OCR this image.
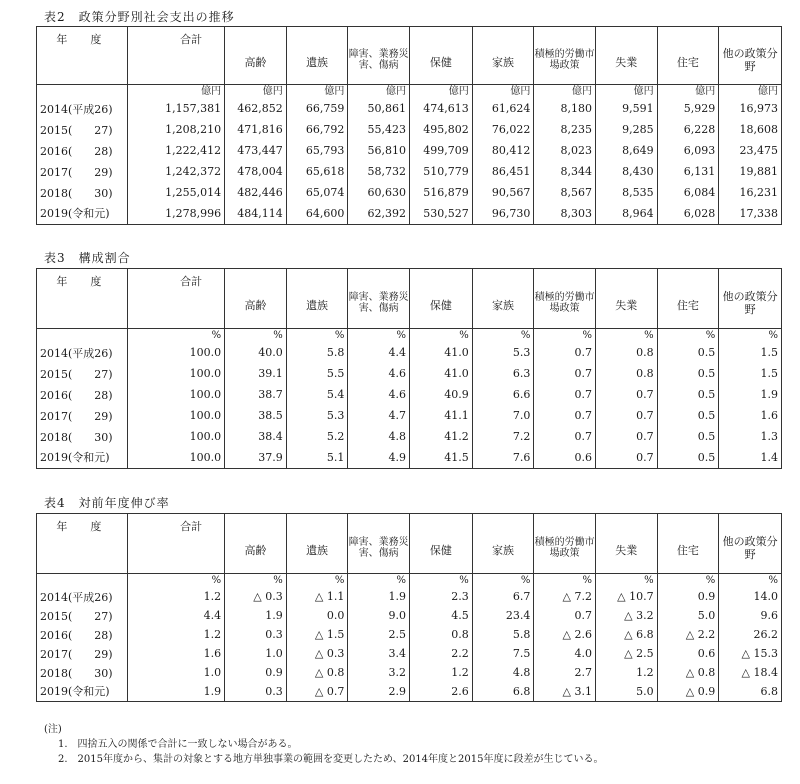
表2　政策分野別社会支出の推移
年　度	合計	高齢	遺族	障害、業務災害、傷病	保健	家族	積極的労働市場政策	失業	住宅	他の政策分野
	億円	億円	億円	億円	億円	億円	億円	億円	億円	億円
2014(平成26)	1,157,381	462,852	66,759	50,861	474,613	61,624	8,180	9,591	5,929	16,973
2015(　　27)	1,208,210	471,816	66,792	55,423	495,802	76,022	8,235	9,285	6,228	18,608
2016(　　28)	1,222,412	473,447	65,793	56,810	499,709	80,412	8,023	8,649	6,093	23,475
2017(　　29)	1,242,372	478,004	65,618	58,732	510,779	86,451	8,344	8,430	6,131	19,881
2018(　　30)	1,255,014	482,446	65,074	60,630	516,879	90,567	8,567	8,535	6,084	16,231
2019(令和元)	1,278,996	484,114	64,600	62,392	530,527	96,730	8,303	8,964	6,028	17,338
表3　構成割合
年　度	合計	高齢	遺族	障害、業務災害、傷病	保健	家族	積極的労働市場政策	失業	住宅	他の政策分野
	%	%	%	%	%	%	%	%	%	%
2014(平成26)	100.0	40.0	5.8	4.4	41.0	5.3	0.7	0.8	0.5	1.5
2015(　　27)	100.0	39.1	5.5	4.6	41.0	6.3	0.7	0.8	0.5	1.5
2016(　　28)	100.0	38.7	5.4	4.6	40.9	6.6	0.7	0.7	0.5	1.9
2017(　　29)	100.0	38.5	5.3	4.7	41.1	7.0	0.7	0.7	0.5	1.6
2018(　　30)	100.0	38.4	5.2	4.8	41.2	7.2	0.7	0.7	0.5	1.3
2019(令和元)	100.0	37.9	5.1	4.9	41.5	7.6	0.6	0.7	0.5	1.4
表4　対前年度伸び率
年　度	合計	高齢	遺族	障害、業務災害、傷病	保健	家族	積極的労働市場政策	失業	住宅	他の政策分野
	%	%	%	%	%	%	%	%	%	%
2014(平成26)	1.2	△ 0.3	△ 1.1	1.9	2.3	6.7	△ 7.2	△ 10.7	0.9	14.0
2015(　　27)	4.4	1.9	0.0	9.0	4.5	23.4	0.7	△ 3.2	5.0	9.6
2016(　　28)	1.2	0.3	△ 1.5	2.5	0.8	5.8	△ 2.6	△ 6.8	△ 2.2	26.2
2017(　　29)	1.6	1.0	△ 0.3	3.4	2.2	7.5	4.0	△ 2.5	0.6	△ 15.3
2018(　　30)	1.0	0.9	△ 0.8	3.2	1.2	4.8	2.7	1.2	△ 0.8	△ 18.4
2019(令和元)	1.9	0.3	△ 0.7	2.9	2.6	6.8	△ 3.1	5.0	△ 0.9	6.8
(注)
1.　四捨五入の関係で合計に一致しない場合がある。
2.　2015年度から、集計の対象とする地方単独事業の範囲を変更したため、2014年度と2015年度に段差が生じている。
